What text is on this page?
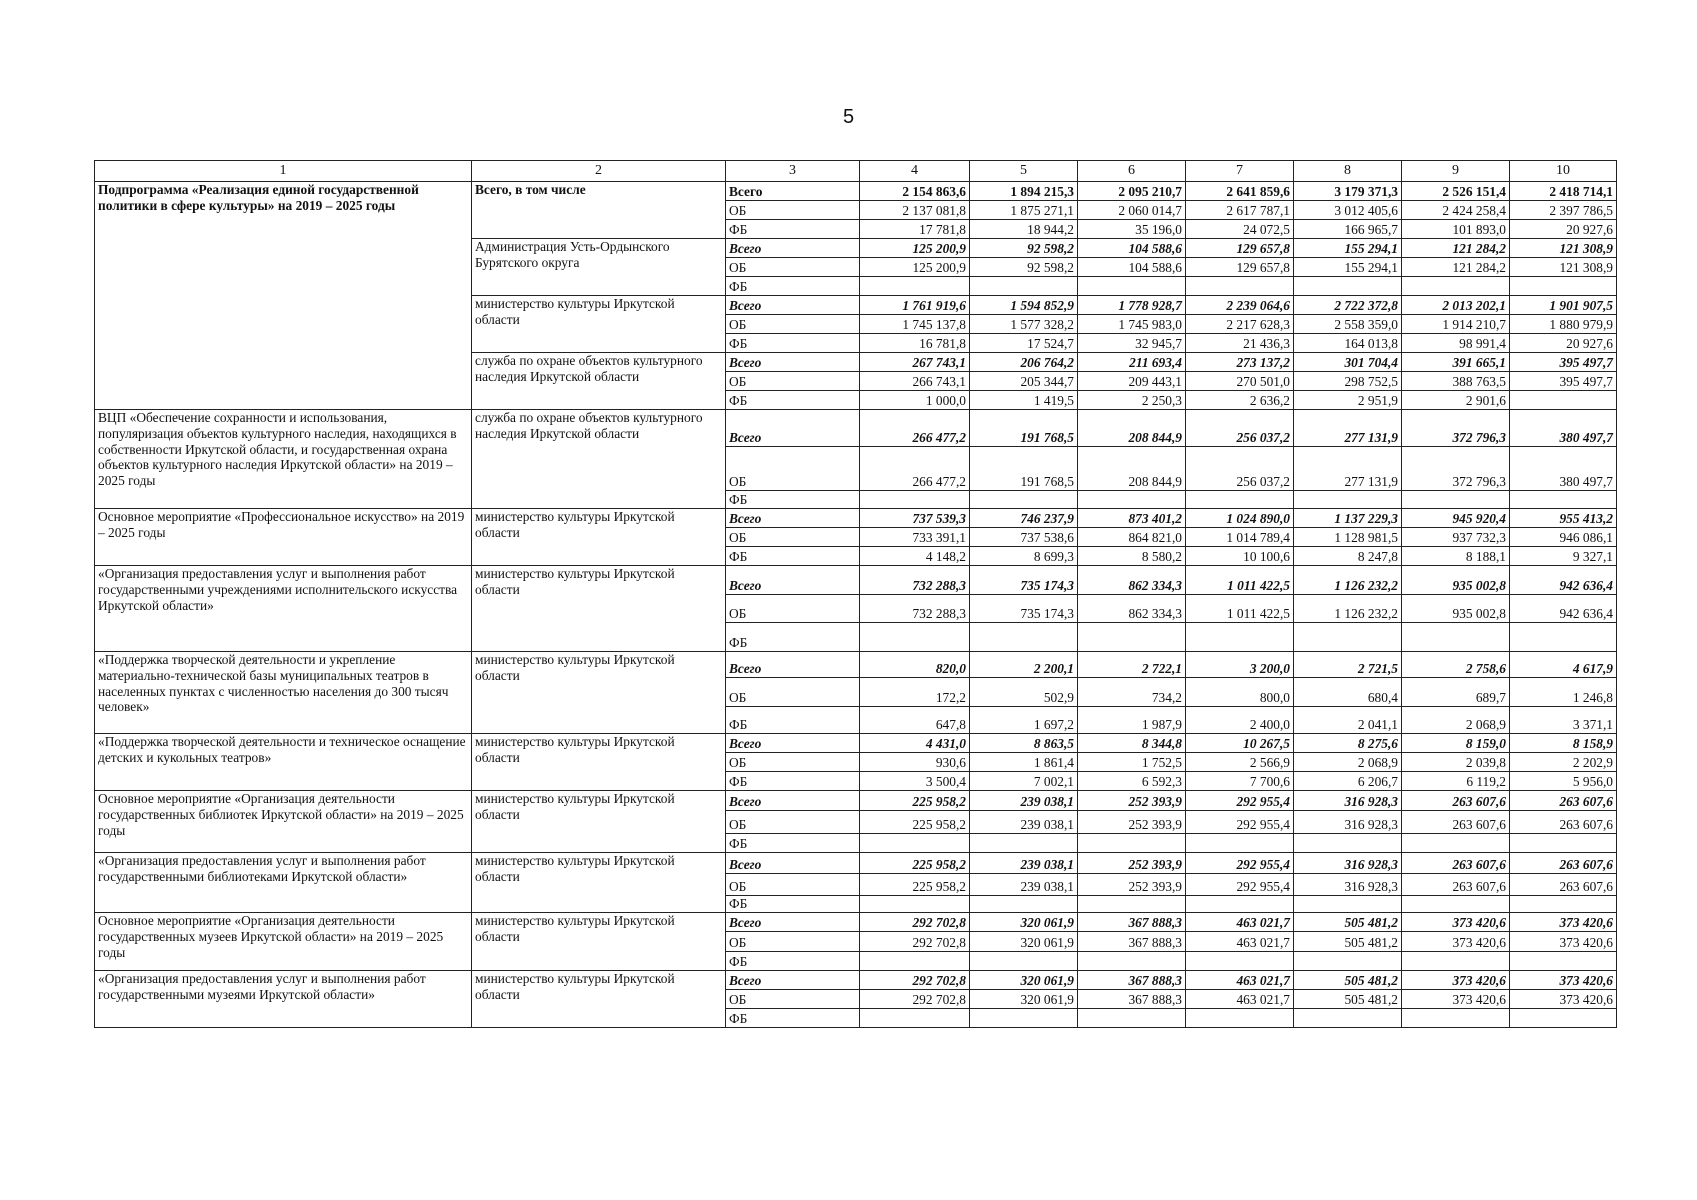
5
1	2	3	4	5	6	7	8	9	10
Подпрограмма «Реализация единой государственной политики в сфере культуры» на 2019 – 2025 годы	Всего, в том числе	Всего	2 154 863,6	1 894 215,3	2 095 210,7	2 641 859,6	3 179 371,3	2 526 151,4	2 418 714,1
		ОБ	2 137 081,8	1 875 271,1	2 060 014,7	2 617 787,1	3 012 405,6	2 424 258,4	2 397 786,5
		ФБ	17 781,8	18 944,2	35 196,0	24 072,5	166 965,7	101 893,0	20 927,6
	Администрация Усть-Ордынского Бурятского округа	Всего	125 200,9	92 598,2	104 588,6	129 657,8	155 294,1	121 284,2	121 308,9
		ОБ	125 200,9	92 598,2	104 588,6	129 657,8	155 294,1	121 284,2	121 308,9
		ФБ							
	министерство культуры Иркутской области	Всего	1 761 919,6	1 594 852,9	1 778 928,7	2 239 064,6	2 722 372,8	2 013 202,1	1 901 907,5
		ОБ	1 745 137,8	1 577 328,2	1 745 983,0	2 217 628,3	2 558 359,0	1 914 210,7	1 880 979,9
		ФБ	16 781,8	17 524,7	32 945,7	21 436,3	164 013,8	98 991,4	20 927,6
	служба по охране объектов культурного наследия Иркутской области	Всего	267 743,1	206 764,2	211 693,4	273 137,2	301 704,4	391 665,1	395 497,7
		ОБ	266 743,1	205 344,7	209 443,1	270 501,0	298 752,5	388 763,5	395 497,7
		ФБ	1 000,0	1 419,5	2 250,3	2 636,2	2 951,9	2 901,6	
ВЦП «Обеспечение сохранности и использования, популяризация объектов культурного наследия, находящихся в собственности Иркутской области, и государственная охрана объектов культурного наследия Иркутской области» на 2019 – 2025 годы	служба по охране объектов культурного наследия Иркутской области	Всего	266 477,2	191 768,5	208 844,9	256 037,2	277 131,9	372 796,3	380 497,7
		ОБ	266 477,2	191 768,5	208 844,9	256 037,2	277 131,9	372 796,3	380 497,7
		ФБ							
Основное мероприятие «Профессиональное искусство» на 2019 – 2025 годы	министерство культуры Иркутской области	Всего	737 539,3	746 237,9	873 401,2	1 024 890,0	1 137 229,3	945 920,4	955 413,2
		ОБ	733 391,1	737 538,6	864 821,0	1 014 789,4	1 128 981,5	937 732,3	946 086,1
		ФБ	4 148,2	8 699,3	8 580,2	10 100,6	8 247,8	8 188,1	9 327,1
«Организация предоставления услуг и выполнения работ государственными учреждениями исполнительского искусства Иркутской области»	министерство культуры Иркутской области	Всего	732 288,3	735 174,3	862 334,3	1 011 422,5	1 126 232,2	935 002,8	942 636,4
		ОБ	732 288,3	735 174,3	862 334,3	1 011 422,5	1 126 232,2	935 002,8	942 636,4
		ФБ							
«Поддержка творческой деятельности и укрепление материально-технической базы муниципальных театров в населенных пунктах с численностью населения до 300 тысяч человек»	министерство культуры Иркутской области	Всего	820,0	2 200,1	2 722,1	3 200,0	2 721,5	2 758,6	4 617,9
		ОБ	172,2	502,9	734,2	800,0	680,4	689,7	1 246,8
		ФБ	647,8	1 697,2	1 987,9	2 400,0	2 041,1	2 068,9	3 371,1
«Поддержка творческой деятельности и техническое оснащение детских и кукольных театров»	министерство культуры Иркутской области	Всего	4 431,0	8 863,5	8 344,8	10 267,5	8 275,6	8 159,0	8 158,9
		ОБ	930,6	1 861,4	1 752,5	2 566,9	2 068,9	2 039,8	2 202,9
		ФБ	3 500,4	7 002,1	6 592,3	7 700,6	6 206,7	6 119,2	5 956,0
Основное мероприятие «Организация деятельности государственных библиотек Иркутской области» на 2019 – 2025 годы	министерство культуры Иркутской области	Всего	225 958,2	239 038,1	252 393,9	292 955,4	316 928,3	263 607,6	263 607,6
		ОБ	225 958,2	239 038,1	252 393,9	292 955,4	316 928,3	263 607,6	263 607,6
		ФБ							
«Организация предоставления услуг и выполнения работ государственными библиотеками Иркутской области»	министерство культуры Иркутской области	Всего	225 958,2	239 038,1	252 393,9	292 955,4	316 928,3	263 607,6	263 607,6
		ОБ	225 958,2	239 038,1	252 393,9	292 955,4	316 928,3	263 607,6	263 607,6
		ФБ							
Основное мероприятие «Организация деятельности государственных музеев Иркутской области» на 2019 – 2025 годы	министерство культуры Иркутской области	Всего	292 702,8	320 061,9	367 888,3	463 021,7	505 481,2	373 420,6	373 420,6
		ОБ	292 702,8	320 061,9	367 888,3	463 021,7	505 481,2	373 420,6	373 420,6
		ФБ							
«Организация предоставления услуг и выполнения работ государственными музеями Иркутской области»	министерство культуры Иркутской области	Всего	292 702,8	320 061,9	367 888,3	463 021,7	505 481,2	373 420,6	373 420,6
		ОБ	292 702,8	320 061,9	367 888,3	463 021,7	505 481,2	373 420,6	373 420,6
		ФБ							
